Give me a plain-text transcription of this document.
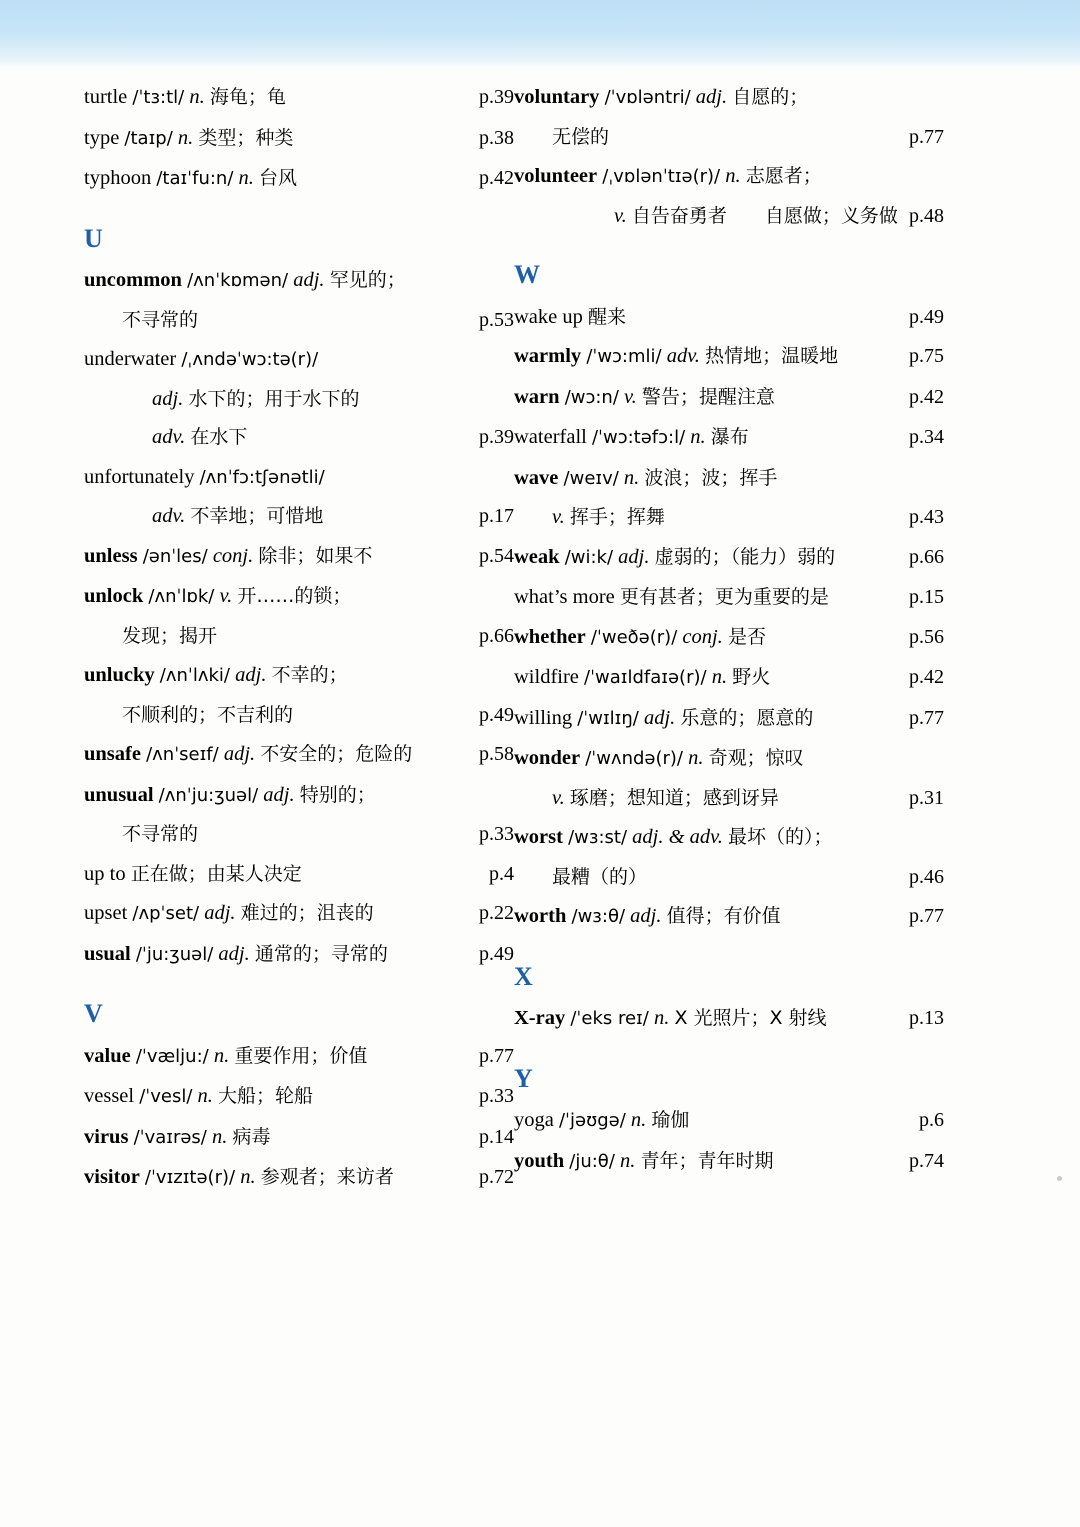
turtle /ˈtɜ:tl/ n. 海龟；龟	p.39
type /taɪp/ n. 类型；种类	p.38
typhoon /taɪˈfu:n/ n. 台风	p.42
U
uncommon /ʌnˈkɒmən/ adj. 罕见的；
不寻常的	p.53
underwater /ˌʌndəˈwɔ:tə(r)/
adj. 水下的；用于水下的
adv. 在水下	p.39
unfortunately /ʌnˈfɔ:tʃənətli/
adv. 不幸地；可惜地	p.17
unless /ənˈles/ conj. 除非；如果不	p.54
unlock /ʌnˈlɒk/ v. 开……的锁；
发现；揭开	p.66
unlucky /ʌnˈlʌki/ adj. 不幸的；
不顺利的；不吉利的	p.49
unsafe /ʌnˈseɪf/ adj. 不安全的；危险的	p.58
unusual /ʌnˈju:ʒuəl/ adj. 特别的；
不寻常的	p.33
up to 正在做；由某人决定	p.4
upset /ʌpˈset/ adj. 难过的；沮丧的	p.22
usual /ˈju:ʒuəl/ adj. 通常的；寻常的	p.49
V
value /ˈvælju:/ n. 重要作用；价值	p.77
vessel /ˈvesl/ n. 大船；轮船	p.33
virus /ˈvaɪrəs/ n. 病毒	p.14
visitor /ˈvɪzɪtə(r)/ n. 参观者；来访者	p.72
voluntary /ˈvɒləntri/ adj. 自愿的；
无偿的	p.77
volunteer /ˌvɒlənˈtɪə(r)/ n. 志愿者；
v. 自告奋勇者　　自愿做；义务做 p.48
W
wake up 醒来	p.49
warmly /ˈwɔ:mli/ adv. 热情地；温暖地	p.75
warn /wɔ:n/ v. 警告；提醒注意	p.42
waterfall /ˈwɔ:təfɔ:l/ n. 瀑布	p.34
wave /weɪv/ n. 波浪；波；挥手
v. 挥手；挥舞	p.43
weak /wi:k/ adj. 虚弱的；（能力）弱的	p.66
what’s more 更有甚者；更为重要的是	p.15
whether /ˈweðə(r)/ conj. 是否	p.56
wildfire /ˈwaɪldfaɪə(r)/ n. 野火	p.42
willing /ˈwɪlɪŋ/ adj. 乐意的；愿意的	p.77
wonder /ˈwʌndə(r)/ n. 奇观；惊叹
v. 琢磨；想知道；感到讶异	p.31
worst /wɜ:st/ adj. & adv. 最坏（的）；
最糟（的）	p.46
worth /wɜ:θ/ adj. 值得；有价值	p.77
X
X-ray /ˈeks reɪ/ n. X 光照片；X 射线	p.13
Y
yoga /ˈjəʊgə/ n. 瑜伽	p.6
youth /ju:θ/ n. 青年；青年时期	p.74
